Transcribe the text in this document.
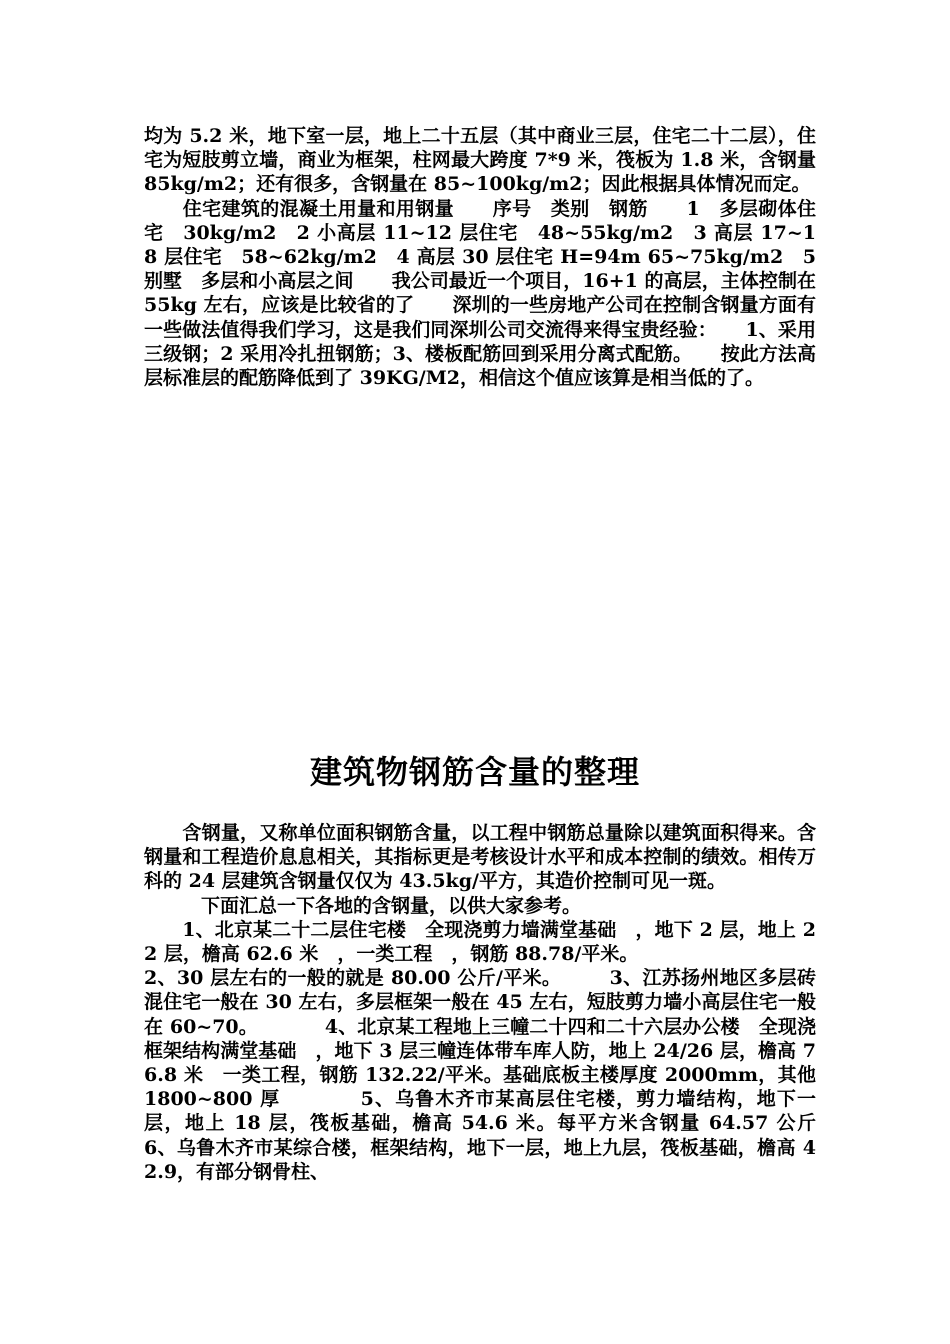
均为 5.2 米，地下室一层，地上二十五层（其中商业三层，住宅二十二层），住宅为短肢剪立墙，商业为框架，柱网最大跨度 7*9 米，筏板为 1.8 米，含钢量 85kg/m2；还有很多，含钢量在 85~100kg/m2；因此根据具体情况而定。

　　住宅建筑的混凝土用量和用钢量　　序号　类别　钢筋　　1　多层砌体住宅　30kg/m2　2 小高层 11~12 层住宅　48~55kg/m2　3 高层 17~18 层住宅　58~62kg/m2　4 高层 30 层住宅 H=94m 65~75kg/m2　5 别墅　多层和小高层之间　　我公司最近一个项目，16+1 的高层，主体控制在 55kg 左右，应该是比较省的了　　深圳的一些房地产公司在控制含钢量方面有一些做法值得我们学习，这是我们同深圳公司交流得来得宝贵经验：　　1、采用三级钢；2 采用冷扎扭钢筋；3、楼板配筋回到采用分离式配筋。　　按此方法高层标准层的配筋降低到了 39KG/M2，相信这个值应该算是相当低的了。

建筑物钢筋含量的整理

　　含钢量，又称单位面积钢筋含量，以工程中钢筋总量除以建筑面积得来。含钢量和工程造价息息相关，其指标更是考核设计水平和成本控制的绩效。相传万科的 24 层建筑含钢量仅仅为 43.5kg/平方，其造价控制可见一斑。

　　　下面汇总一下各地的含钢量，以供大家参考。

　　1、北京某二十二层住宅楼　全现浇剪力墙满堂基础　，地下 2 层，地上 22 层，檐高 62.6 米　，一类工程　，钢筋 88.78/平米。

2、30 层左右的一般的就是 80.00 公斤/平米。　　　3、江苏扬州地区多层砖混住宅一般在 30 左右，多层框架一般在 45 左右，短肢剪力墙小高层住宅一般在 60~70。　　　　4、北京某工程地上三幢二十四和二十六层办公楼　全现浇框架结构满堂基础　，地下 3 层三幢连体带车库人防，地上 24/26 层，檐高 76.8 米　一类工程，钢筋 132.22/平米。基础底板主楼厚度 2000mm，其他 1800~800 厚　　　　5、乌鲁木齐市某高层住宅楼，剪力墙结构，地下一层，地上 18 层，筏板基础，檐高 54.6 米。每平方米含钢量 64.57 公斤　　　6、乌鲁木齐市某综合楼，框架结构，地下一层，地上九层，筏板基础，檐高 42.9，有部分钢骨柱、
